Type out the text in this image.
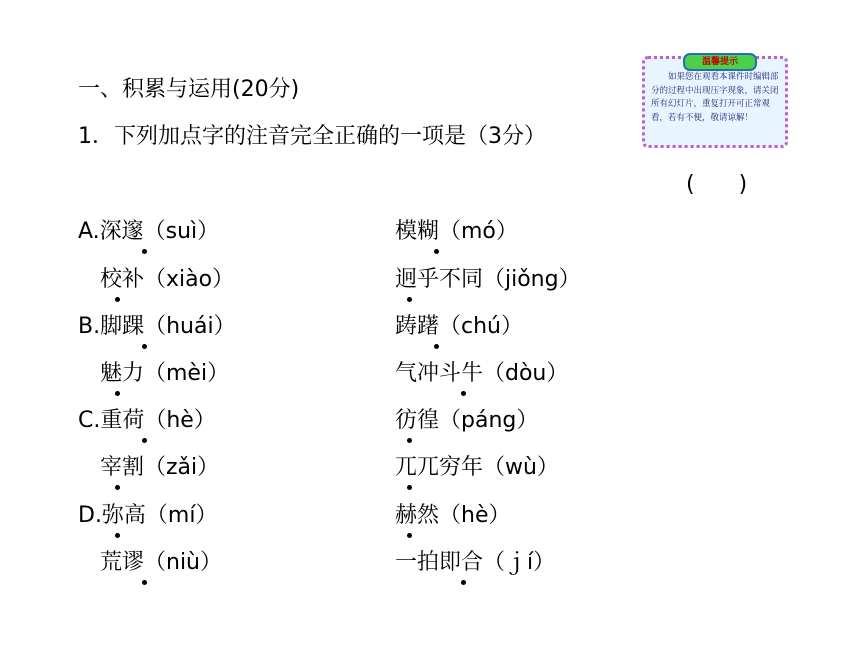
一、积累与运用(20分)
1．下列加点字的注音完全正确的一项是（3分）
(　　)
温馨提示
如果您在观看本课件时编辑部分的过程中出现压字现象，请关闭所有幻灯片，重复打开可正常观看，若有不便，敬请谅解！
A.深邃（suì）	模糊（mó）
　校补（xiào）	迥乎不同（jiǒng）
B.脚踝（huái）	踌躇（chú）
　魅力（mèi）	气冲斗牛（dòu）
C.重荷（hè）	彷徨（páng）
　宰割（zǎi）	兀兀穷年（wù）
D.弥高（mí）	赫然（hè）
　荒谬（niù）	一拍即合（ｊí）
